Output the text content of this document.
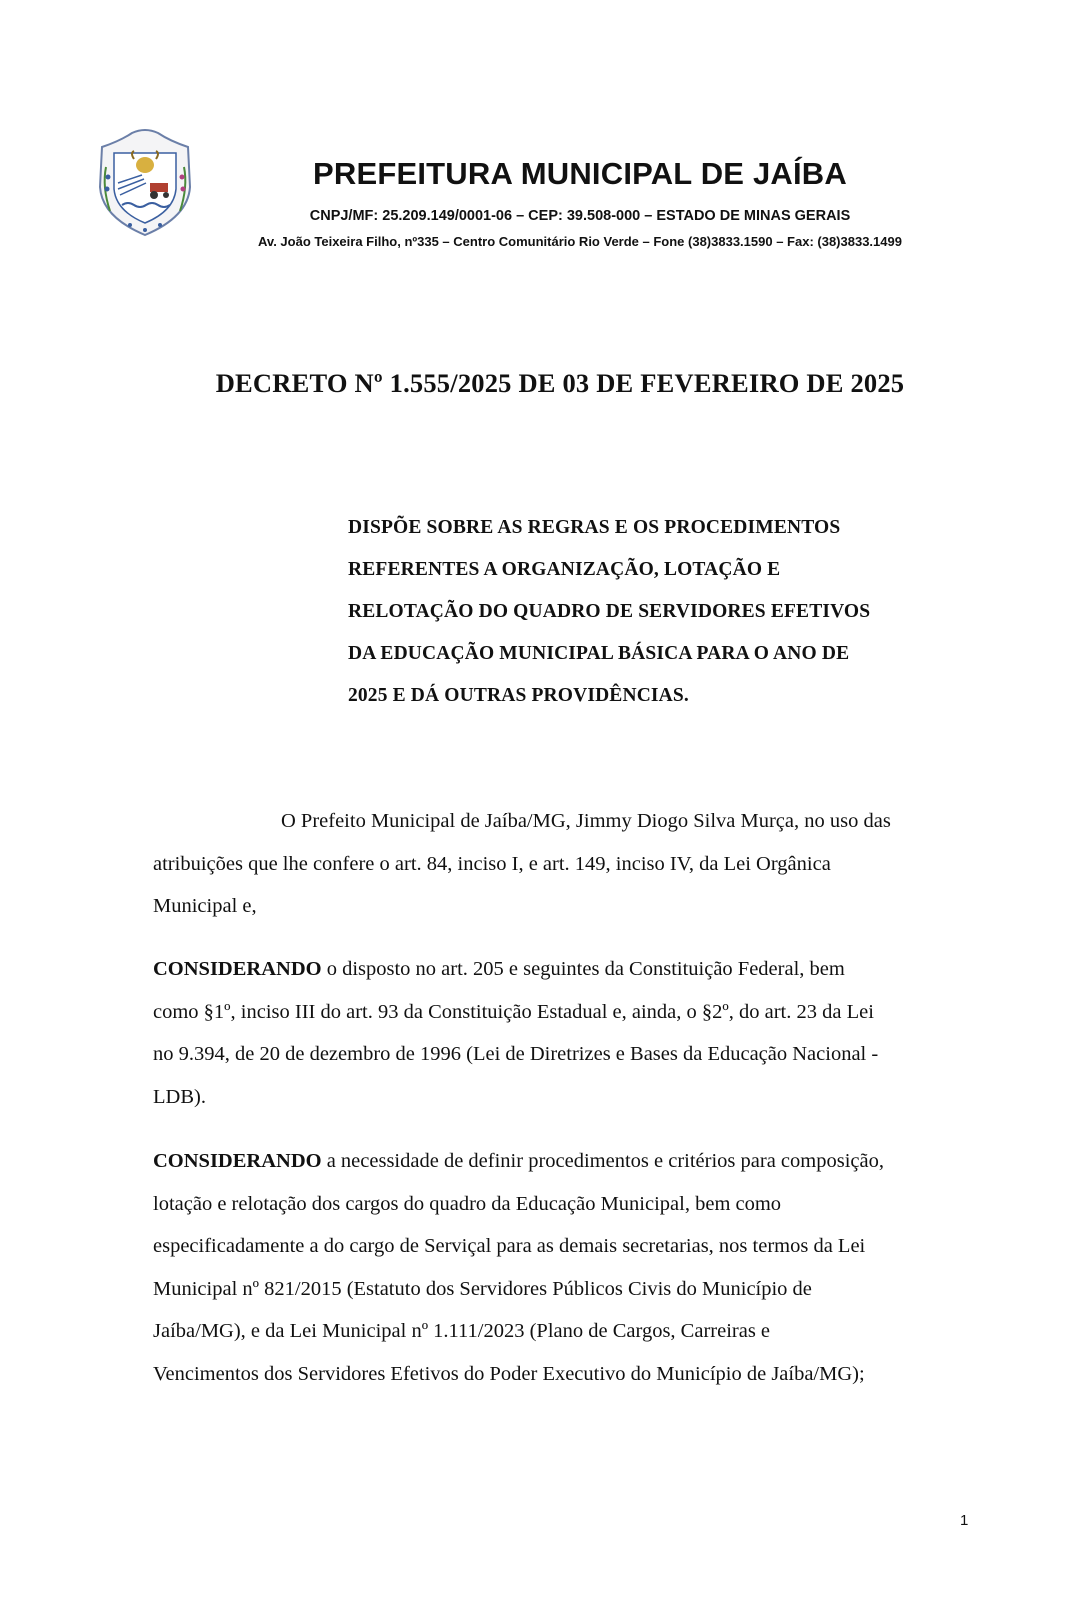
PREFEITURA MUNICIPAL DE JAÍBA
CNPJ/MF: 25.209.149/0001-06 – CEP: 39.508-000 – ESTADO DE MINAS GERAIS
Av. João Teixeira Filho, nº335 – Centro Comunitário Rio Verde – Fone (38)3833.1590 – Fax: (38)3833.1499
DECRETO Nº 1.555/2025 DE 03 DE FEVEREIRO DE 2025
DISPÕE SOBRE AS REGRAS E OS PROCEDIMENTOS
REFERENTES A ORGANIZAÇÃO, LOTAÇÃO E
RELOTAÇÃO DO QUADRO DE SERVIDORES EFETIVOS
DA EDUCAÇÃO MUNICIPAL BÁSICA PARA O ANO DE
2025 E DÁ OUTRAS PROVIDÊNCIAS.
O Prefeito Municipal de Jaíba/MG, Jimmy Diogo Silva Murça, no uso das
atribuições que lhe confere o art. 84, inciso I, e art. 149, inciso IV, da Lei Orgânica
Municipal e,
CONSIDERANDO o disposto no art. 205 e seguintes da Constituição Federal, bem
como §1º, inciso III do art. 93 da Constituição Estadual e, ainda, o §2º, do art. 23 da Lei
no 9.394, de 20 de dezembro de 1996 (Lei de Diretrizes e Bases da Educação Nacional -
LDB).
CONSIDERANDO a necessidade de definir procedimentos e critérios para composição,
lotação e relotação dos cargos do quadro da Educação Municipal, bem como
especificadamente a do cargo de Serviçal para as demais secretarias, nos termos da Lei
Municipal nº 821/2015 (Estatuto dos Servidores Públicos Civis do Município de
Jaíba/MG), e da Lei Municipal nº 1.111/2023 (Plano de Cargos, Carreiras e
Vencimentos dos Servidores Efetivos do Poder Executivo do Município de Jaíba/MG);
1
